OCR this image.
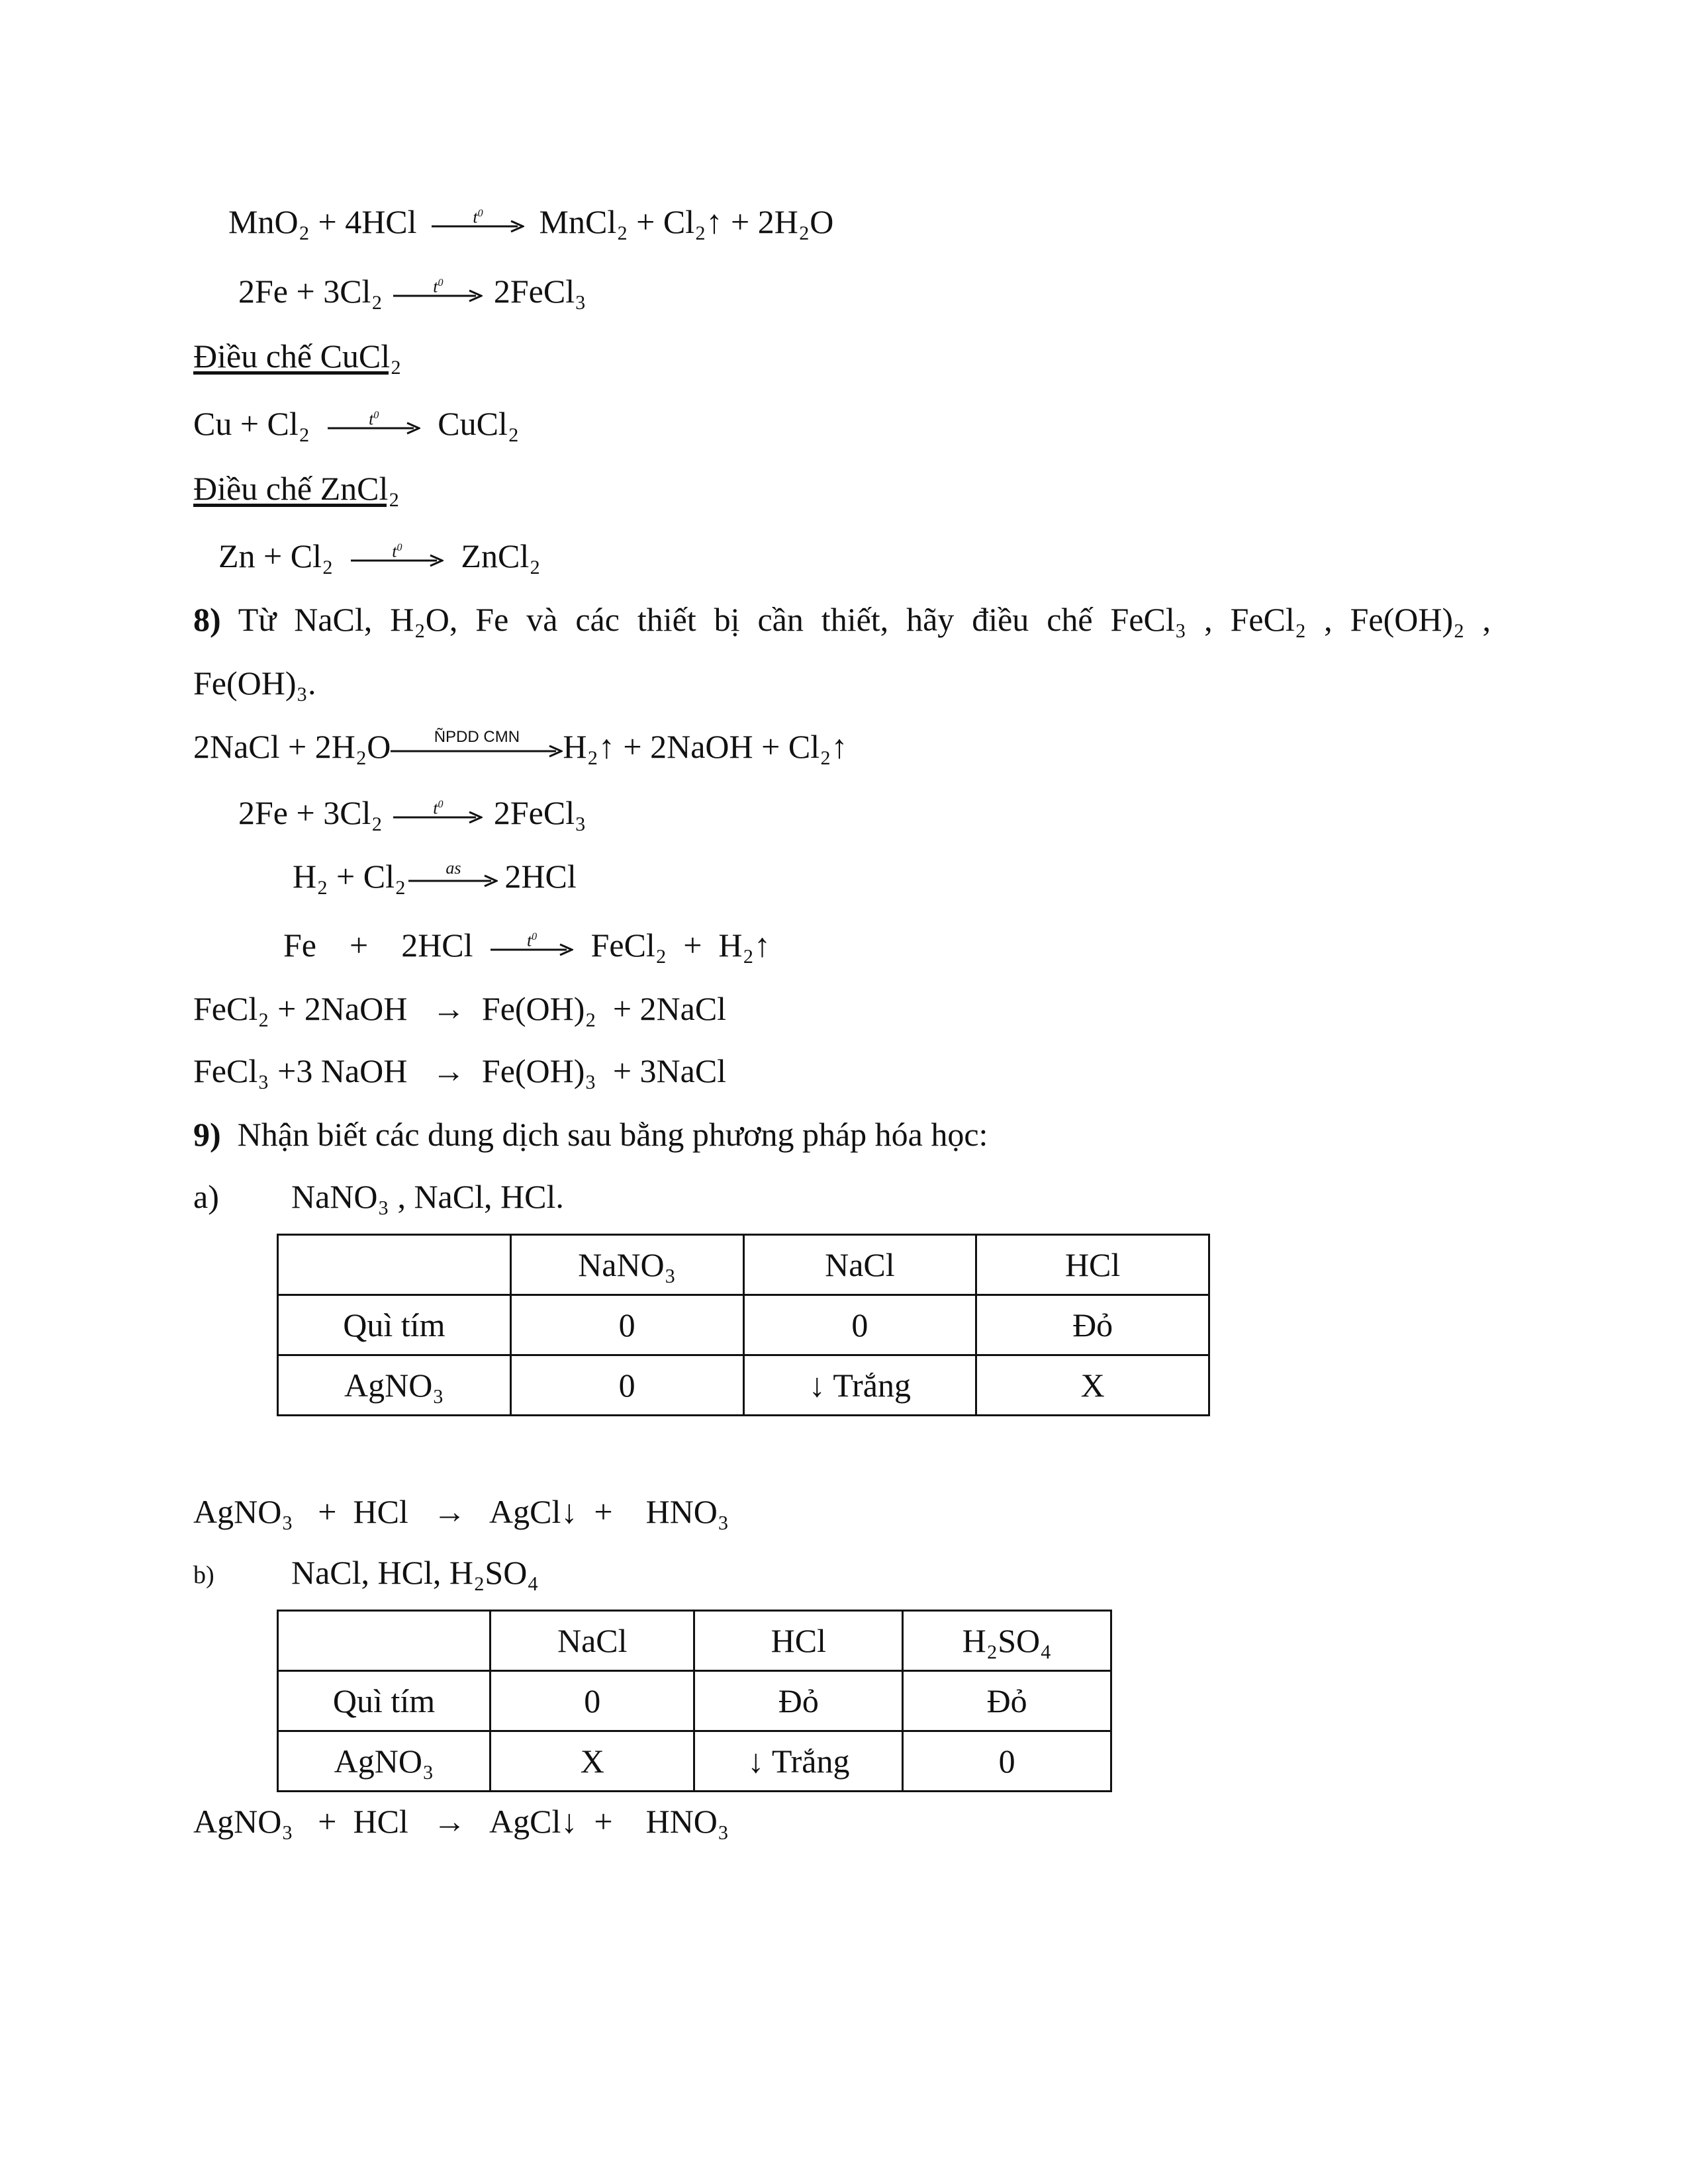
MnO₂ + 4HCl	$t^0$	MnCl₂ + Cl₂↑ + 2H₂O
2Fe + 3Cl₂	$t^0$	2FeCl₃
Điều chế CuCl₂
Cu + Cl₂	$t^0$	CuCl₂
Điều chế ZnCl₂
Zn + Cl₂	$t^0$	ZnCl₂
8) Từ NaCl, H₂O, Fe và các thiết bị cần thiết, hãy điều chế FeCl₃ , FeCl₂ , Fe(OH)₂ ,
Fe(OH)₃.
2NaCl + 2H₂O	ÑPDD CMN	H₂↑ + 2NaOH + Cl₂↑
2Fe + 3Cl₂	$t^0$	2FeCl₃
H₂ + Cl₂	as	2HCl
Fe    +    2HCl	$t^0$	FeCl₂  +  H₂↑
FeCl₂ + 2NaOH   →  Fe(OH)₂  + 2NaCl
FeCl₃ +3 NaOH   →  Fe(OH)₃  + 3NaCl
9) Nhận biết các dung dịch sau bằng phương pháp hóa học:
a) NaNO₃ , NaCl, HCl.
	NaNO₃	NaCl	HCl
Quì tím	0	0	Đỏ
AgNO₃	0	↓ Trắng	X
AgNO₃   +  HCl   →   AgCl↓  +    HNO₃
b) NaCl, HCl, H₂SO₄
	NaCl	HCl	H₂SO₄
Quì tím	0	Đỏ	Đỏ
AgNO₃	X	↓ Trắng	0
AgNO₃   +  HCl   →   AgCl↓  +    HNO₃
